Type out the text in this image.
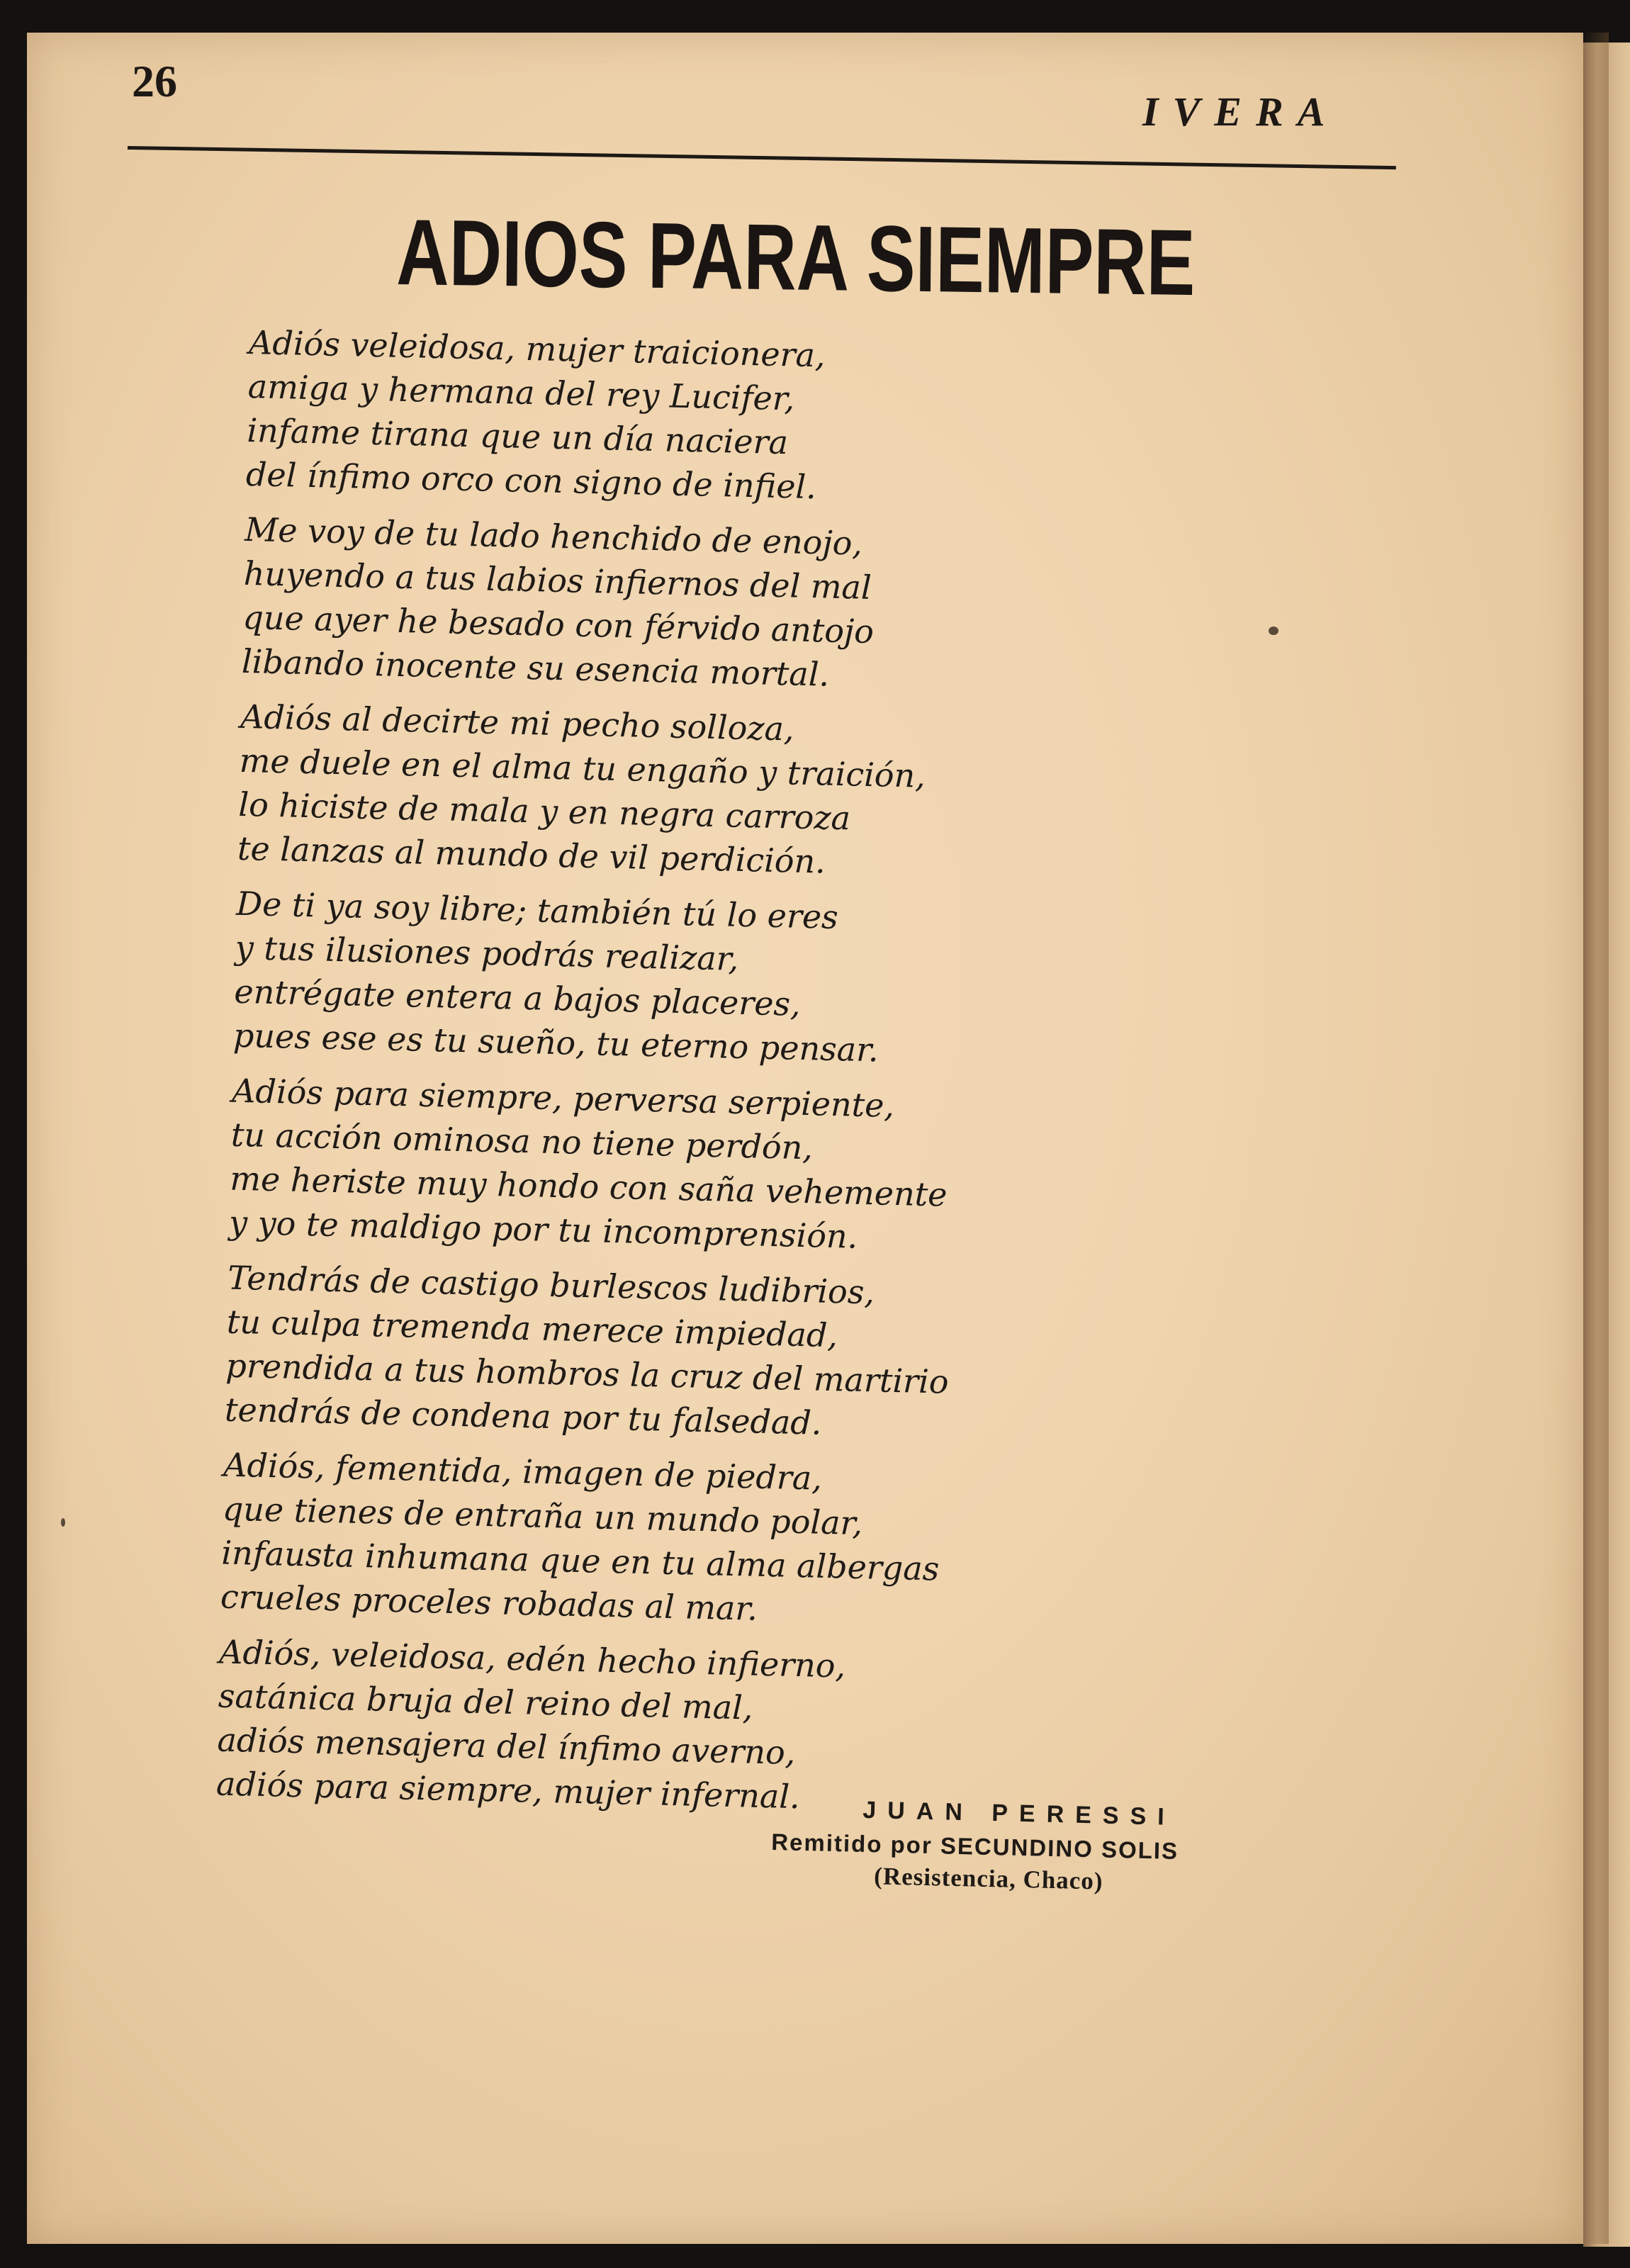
26
IVERA
ADIOS PARA SIEMPRE
Adiós veleidosa, mujer traicionera,
amiga y hermana del rey Lucifer,
infame tirana que un día naciera
del ínfimo orco con signo de infiel.
Me voy de tu lado henchido de enojo,
huyendo a tus labios infiernos del mal
que ayer he besado con férvido antojo
libando inocente su esencia mortal.
Adiós al decirte mi pecho solloza,
me duele en el alma tu engaño y traición,
lo hiciste de mala y en negra carroza
te lanzas al mundo de vil perdición.
De ti ya soy libre; también tú lo eres
y tus ilusiones podrás realizar,
entrégate entera a bajos placeres,
pues ese es tu sueño, tu eterno pensar.
Adiós para siempre, perversa serpiente,
tu acción ominosa no tiene perdón,
me heriste muy hondo con saña vehemente
y yo te maldigo por tu incomprensión.
Tendrás de castigo burlescos ludibrios,
tu culpa tremenda merece impiedad,
prendida a tus hombros la cruz del martirio
tendrás de condena por tu falsedad.
Adiós, fementida, imagen de piedra,
que tienes de entraña un mundo polar,
infausta inhumana que en tu alma albergas
crueles proceles robadas al mar.
Adiós, veleidosa, edén hecho infierno,
satánica bruja del reino del mal,
adiós mensajera del ínfimo averno,
adiós para siempre, mujer infernal.	JUAN PERESSI
Remitido por SECUNDINO SOLIS
(Resistencia, Chaco)
